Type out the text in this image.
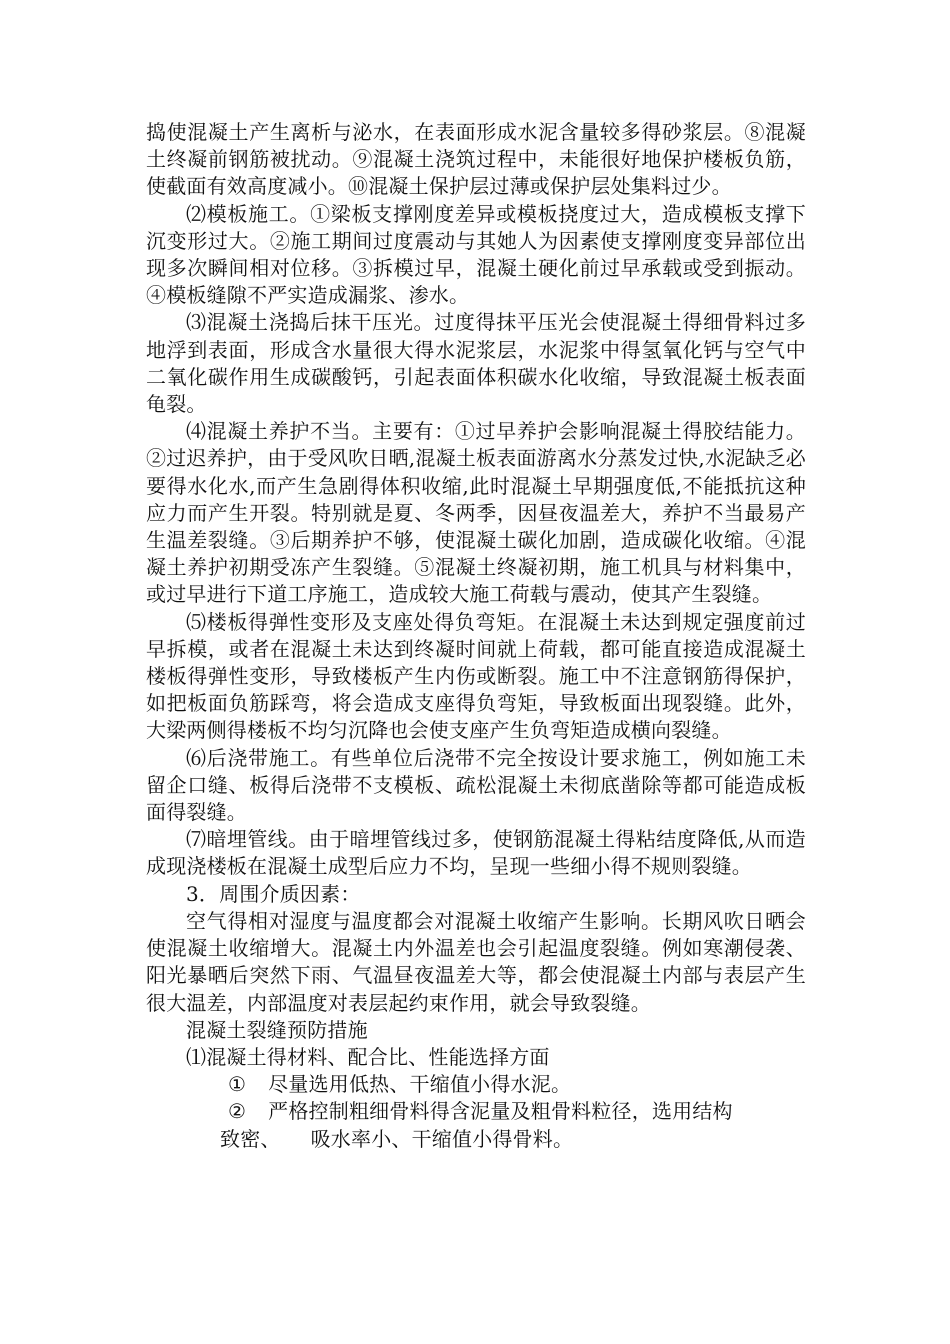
捣使混凝土产生离析与泌水，在表面形成水泥含量较多得砂浆层。⑧混凝土终凝前钢筋被扰动。⑨混凝土浇筑过程中，未能很好地保护楼板负筋，使截面有效高度减小。⑩混凝土保护层过薄或保护层处集料过少。

⑵模板施工。①梁板支撑刚度差异或模板挠度过大，造成模板支撑下沉变形过大。②施工期间过度震动与其她人为因素使支撑刚度变异部位出现多次瞬间相对位移。③拆模过早，混凝土硬化前过早承载或受到振动。④模板缝隙不严实造成漏浆、渗水。

⑶混凝土浇捣后抹干压光。过度得抹平压光会使混凝土得细骨料过多地浮到表面，形成含水量很大得水泥浆层，水泥浆中得氢氧化钙与空气中二氧化碳作用生成碳酸钙，引起表面体积碳水化收缩，导致混凝土板表面龟裂。

⑷混凝土养护不当。主要有：①过早养护会影响混凝土得胶结能力。②过迟养护，由于受风吹日晒,混凝土板表面游离水分蒸发过快,水泥缺乏必要得水化水,而产生急剧得体积收缩,此时混凝土早期强度低,不能抵抗这种应力而产生开裂。特别就是夏、冬两季，因昼夜温差大，养护不当最易产生温差裂缝。③后期养护不够，使混凝土碳化加剧，造成碳化收缩。④混凝土养护初期受冻产生裂缝。⑤混凝土终凝初期，施工机具与材料集中，或过早进行下道工序施工，造成较大施工荷载与震动，使其产生裂缝。

⑸楼板得弹性变形及支座处得负弯矩。在混凝土未达到规定强度前过早拆模，或者在混凝土未达到终凝时间就上荷载，都可能直接造成混凝土楼板得弹性变形，导致楼板产生内伤或断裂。施工中不注意钢筋得保护，如把板面负筋踩弯，将会造成支座得负弯矩，导致板面出现裂缝。此外，大梁两侧得楼板不均匀沉降也会使支座产生负弯矩造成横向裂缝。

⑹后浇带施工。有些单位后浇带不完全按设计要求施工，例如施工未留企口缝、板得后浇带不支模板、疏松混凝土未彻底凿除等都可能造成板面得裂缝。

⑺暗埋管线。由于暗埋管线过多，使钢筋混凝土得粘结度降低,从而造成现浇楼板在混凝土成型后应力不均，呈现一些细小得不规则裂缝。

3．周围介质因素：

空气得相对湿度与温度都会对混凝土收缩产生影响。长期风吹日晒会使混凝土收缩增大。混凝土内外温差也会引起温度裂缝。例如寒潮侵袭、阳光暴晒后突然下雨、气温昼夜温差大等，都会使混凝土内部与表层产生很大温差，内部温度对表层起约束作用，就会导致裂缝。

混凝土裂缝预防措施

⑴混凝土得材料、配合比、性能选择方面

① 尽量选用低热、干缩值小得水泥。

② 严格控制粗细骨料得含泥量及粗骨料粒径，选用结构

致密、 吸水率小、干缩值小得骨料。
